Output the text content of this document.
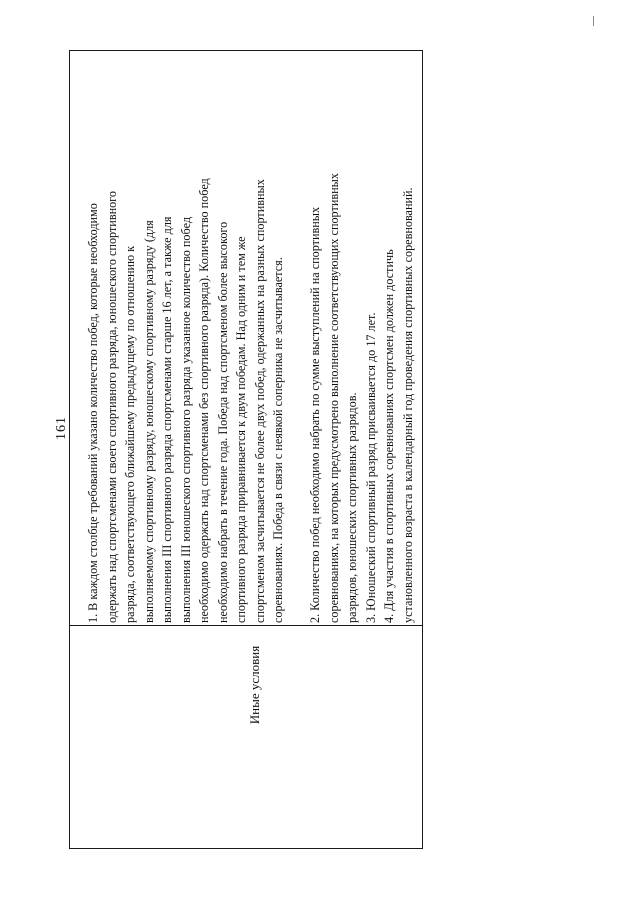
161
Иные условия

1. В каждом столбце требований указано количество побед, которые необходимо одержать над спортсменами своего спортивного разряда, юношеского спортивного разряда, соответствующего ближайшему предыдущему по отношению к выполняемому спортивному разряду, юношескому спортивному разряду (для выполнения III спортивного разряда спортсменами старше 16 лет, а также для выполнения III юношеского спортивного разряда указанное количество побед необходимо одержать над спортсменами без спортивного разряда). Количество побед необходимо набрать в течение года. Победа над спортсменом более высокого спортивного разряда приравнивается к двум победам. Над одним и тем же спортсменом засчитывается не более двух побед, одержанных на разных спортивных соревнованиях. Победа в связи с неявкой соперника не засчитывается. 2. Количество побед необходимо набрать по сумме выступлений на спортивных соревнованиях, на которых предусмотрено выполнение соответствующих спортивных разрядов, юношеских спортивных разрядов. 3. Юношеский спортивный разряд присваивается до 17 лет. 4. Для участия в спортивных соревнованиях спортсмен должен достичь установленного возраста в календарный год проведения спортивных соревнований.
